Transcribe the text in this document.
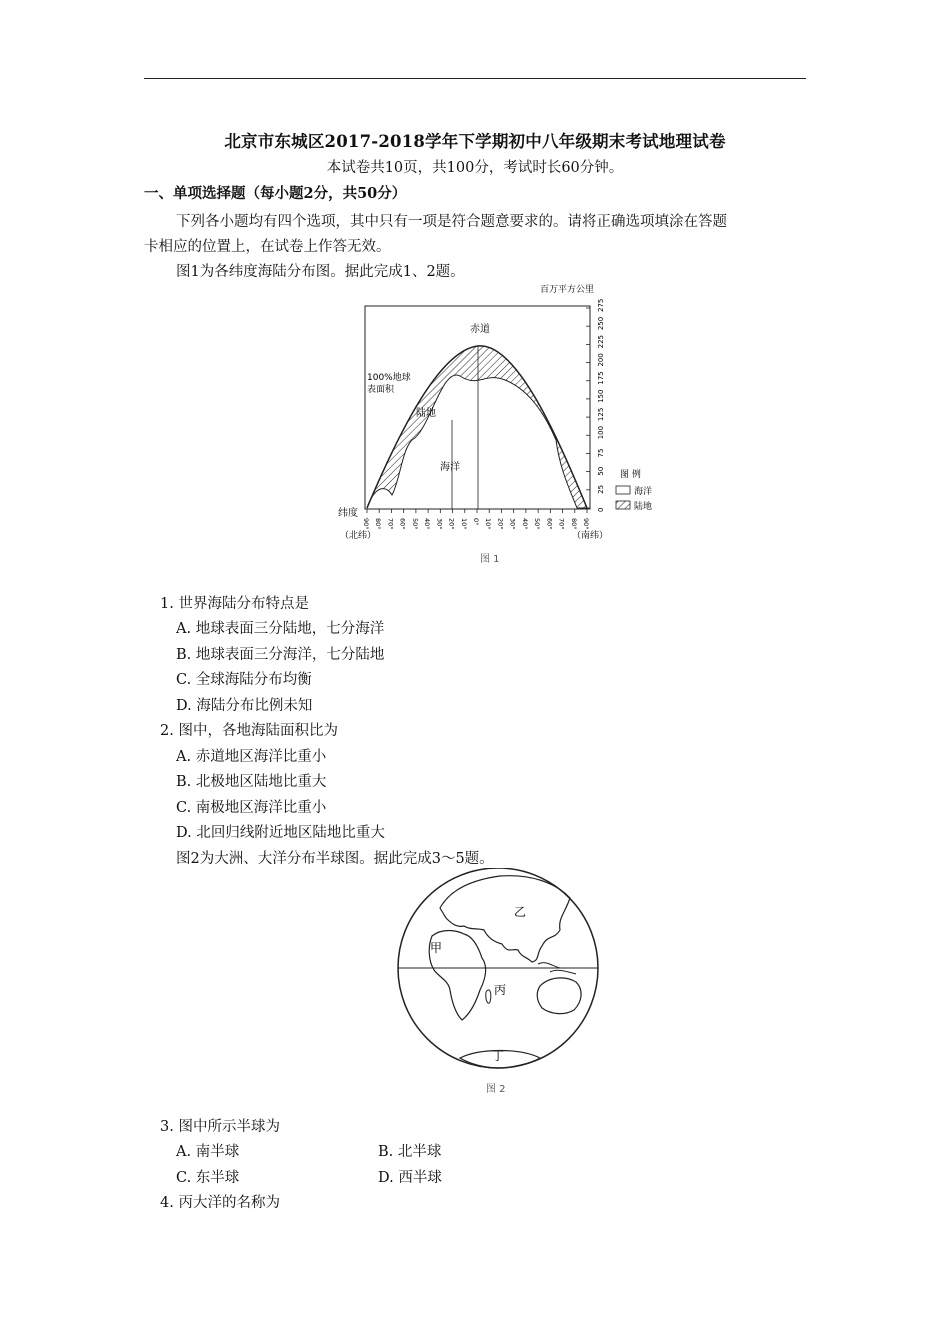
北京市东城区2017-2018学年下学期初中八年级期末考试地理试卷
本试卷共10页，共100分，考试时长60分钟。
一、单项选择题（每小题2分，共50分）
下列各小题均有四个选项，其中只有一项是符合题意要求的。请将正确选项填涂在答题
卡相应的位置上，在试卷上作答无效。
图1为各纬度海陆分布图。据此完成1、2题。
百万平方公里
赤道
100%地球
表面积
陆地
海洋
0
25
50
75
100
125
150
175
200
225
250
275
90° 80° 70° 60° 50° 40° 30° 20° 10° 0° 10° 20° 30° 40° 50° 60° 70° 80° 90°
纬度
（北纬）	（南纬）
图 例
海洋
陆地
图 1
1. 世界海陆分布特点是
A. 地球表面三分陆地，七分海洋
B. 地球表面三分海洋，七分陆地
C. 全球海陆分布均衡
D. 海陆分布比例未知
2. 图中，各地海陆面积比为
A. 赤道地区海洋比重小
B. 北极地区陆地比重大
C. 南极地区海洋比重小
D. 北回归线附近地区陆地比重大
图2为大洲、大洋分布半球图。据此完成3～5题。
甲
乙
丙
丁
图 2
3. 图中所示半球为
A. 南半球	B. 北半球
C. 东半球	D. 西半球
4. 丙大洋的名称为
